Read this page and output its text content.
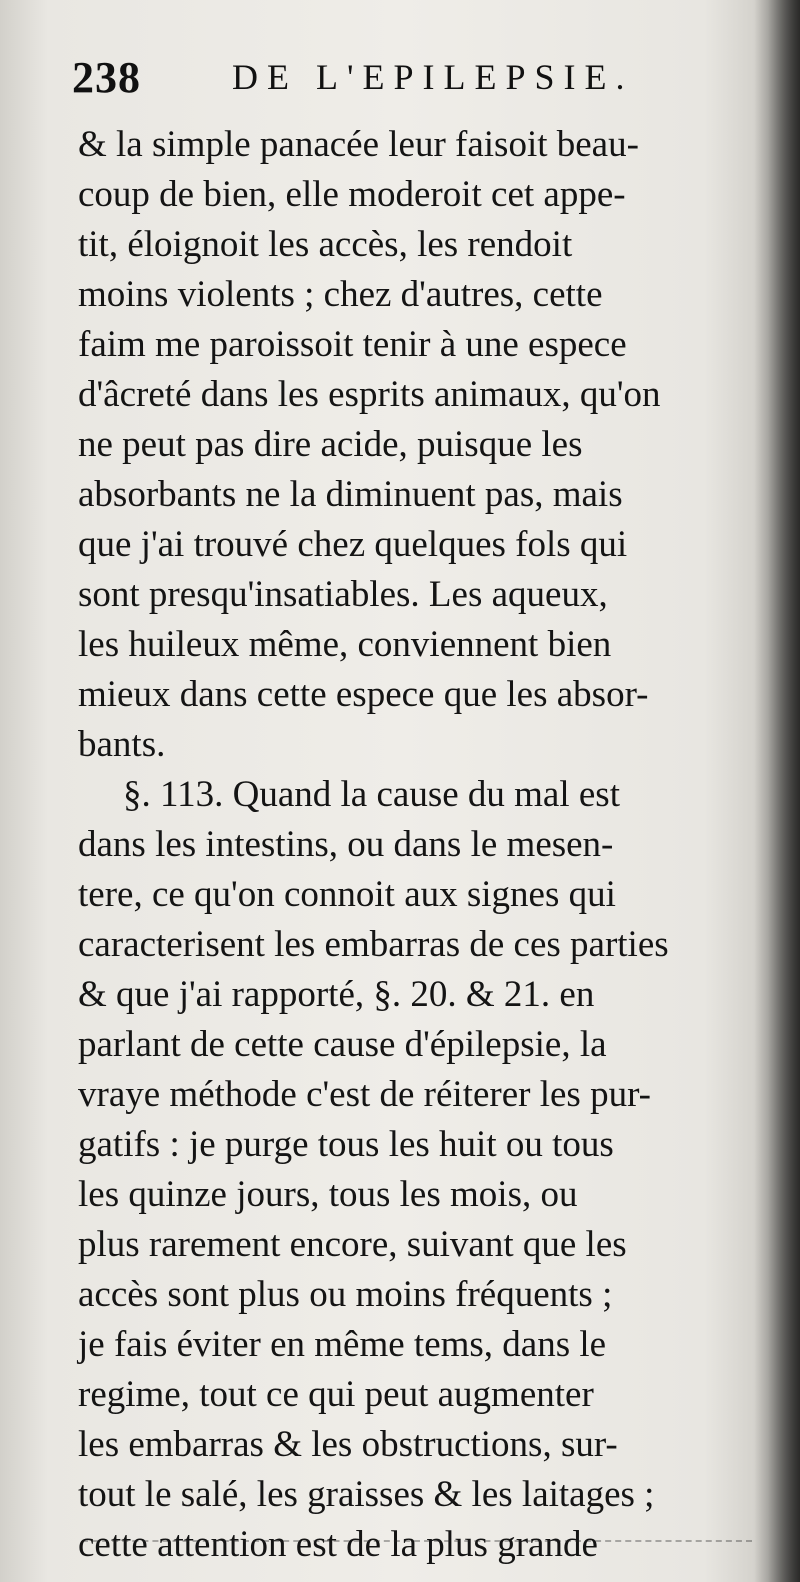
238	DE L'EPILEPSIE.
& la simple panacée leur faisoit beau-
coup de bien, elle moderoit cet appe-
tit, éloignoit les accès, les rendoit
moins violents ; chez d'autres, cette
faim me paroissoit tenir à une espece
d'âcreté dans les esprits animaux, qu'on
ne peut pas dire acide, puisque les
absorbants ne la diminuent pas, mais
que j'ai trouvé chez quelques fols qui
sont presqu'insatiables. Les aqueux,
les huileux même, conviennent bien
mieux dans cette espece que les absor-
bants.
§. 113. Quand la cause du mal est
dans les intestins, ou dans le mesen-
tere, ce qu'on connoit aux signes qui
caracterisent les embarras de ces parties
& que j'ai rapporté, §. 20. & 21. en
parlant de cette cause d'épilepsie, la
vraye méthode c'est de réiterer les pur-
gatifs : je purge tous les huit ou tous
les quinze jours, tous les mois, ou
plus rarement encore, suivant que les
accès sont plus ou moins fréquents ;
je fais éviter en même tems, dans le
regime, tout ce qui peut augmenter
les embarras & les obstructions, sur-
tout le salé, les graisses & les laitages ;
cette attention est de la plus grande
